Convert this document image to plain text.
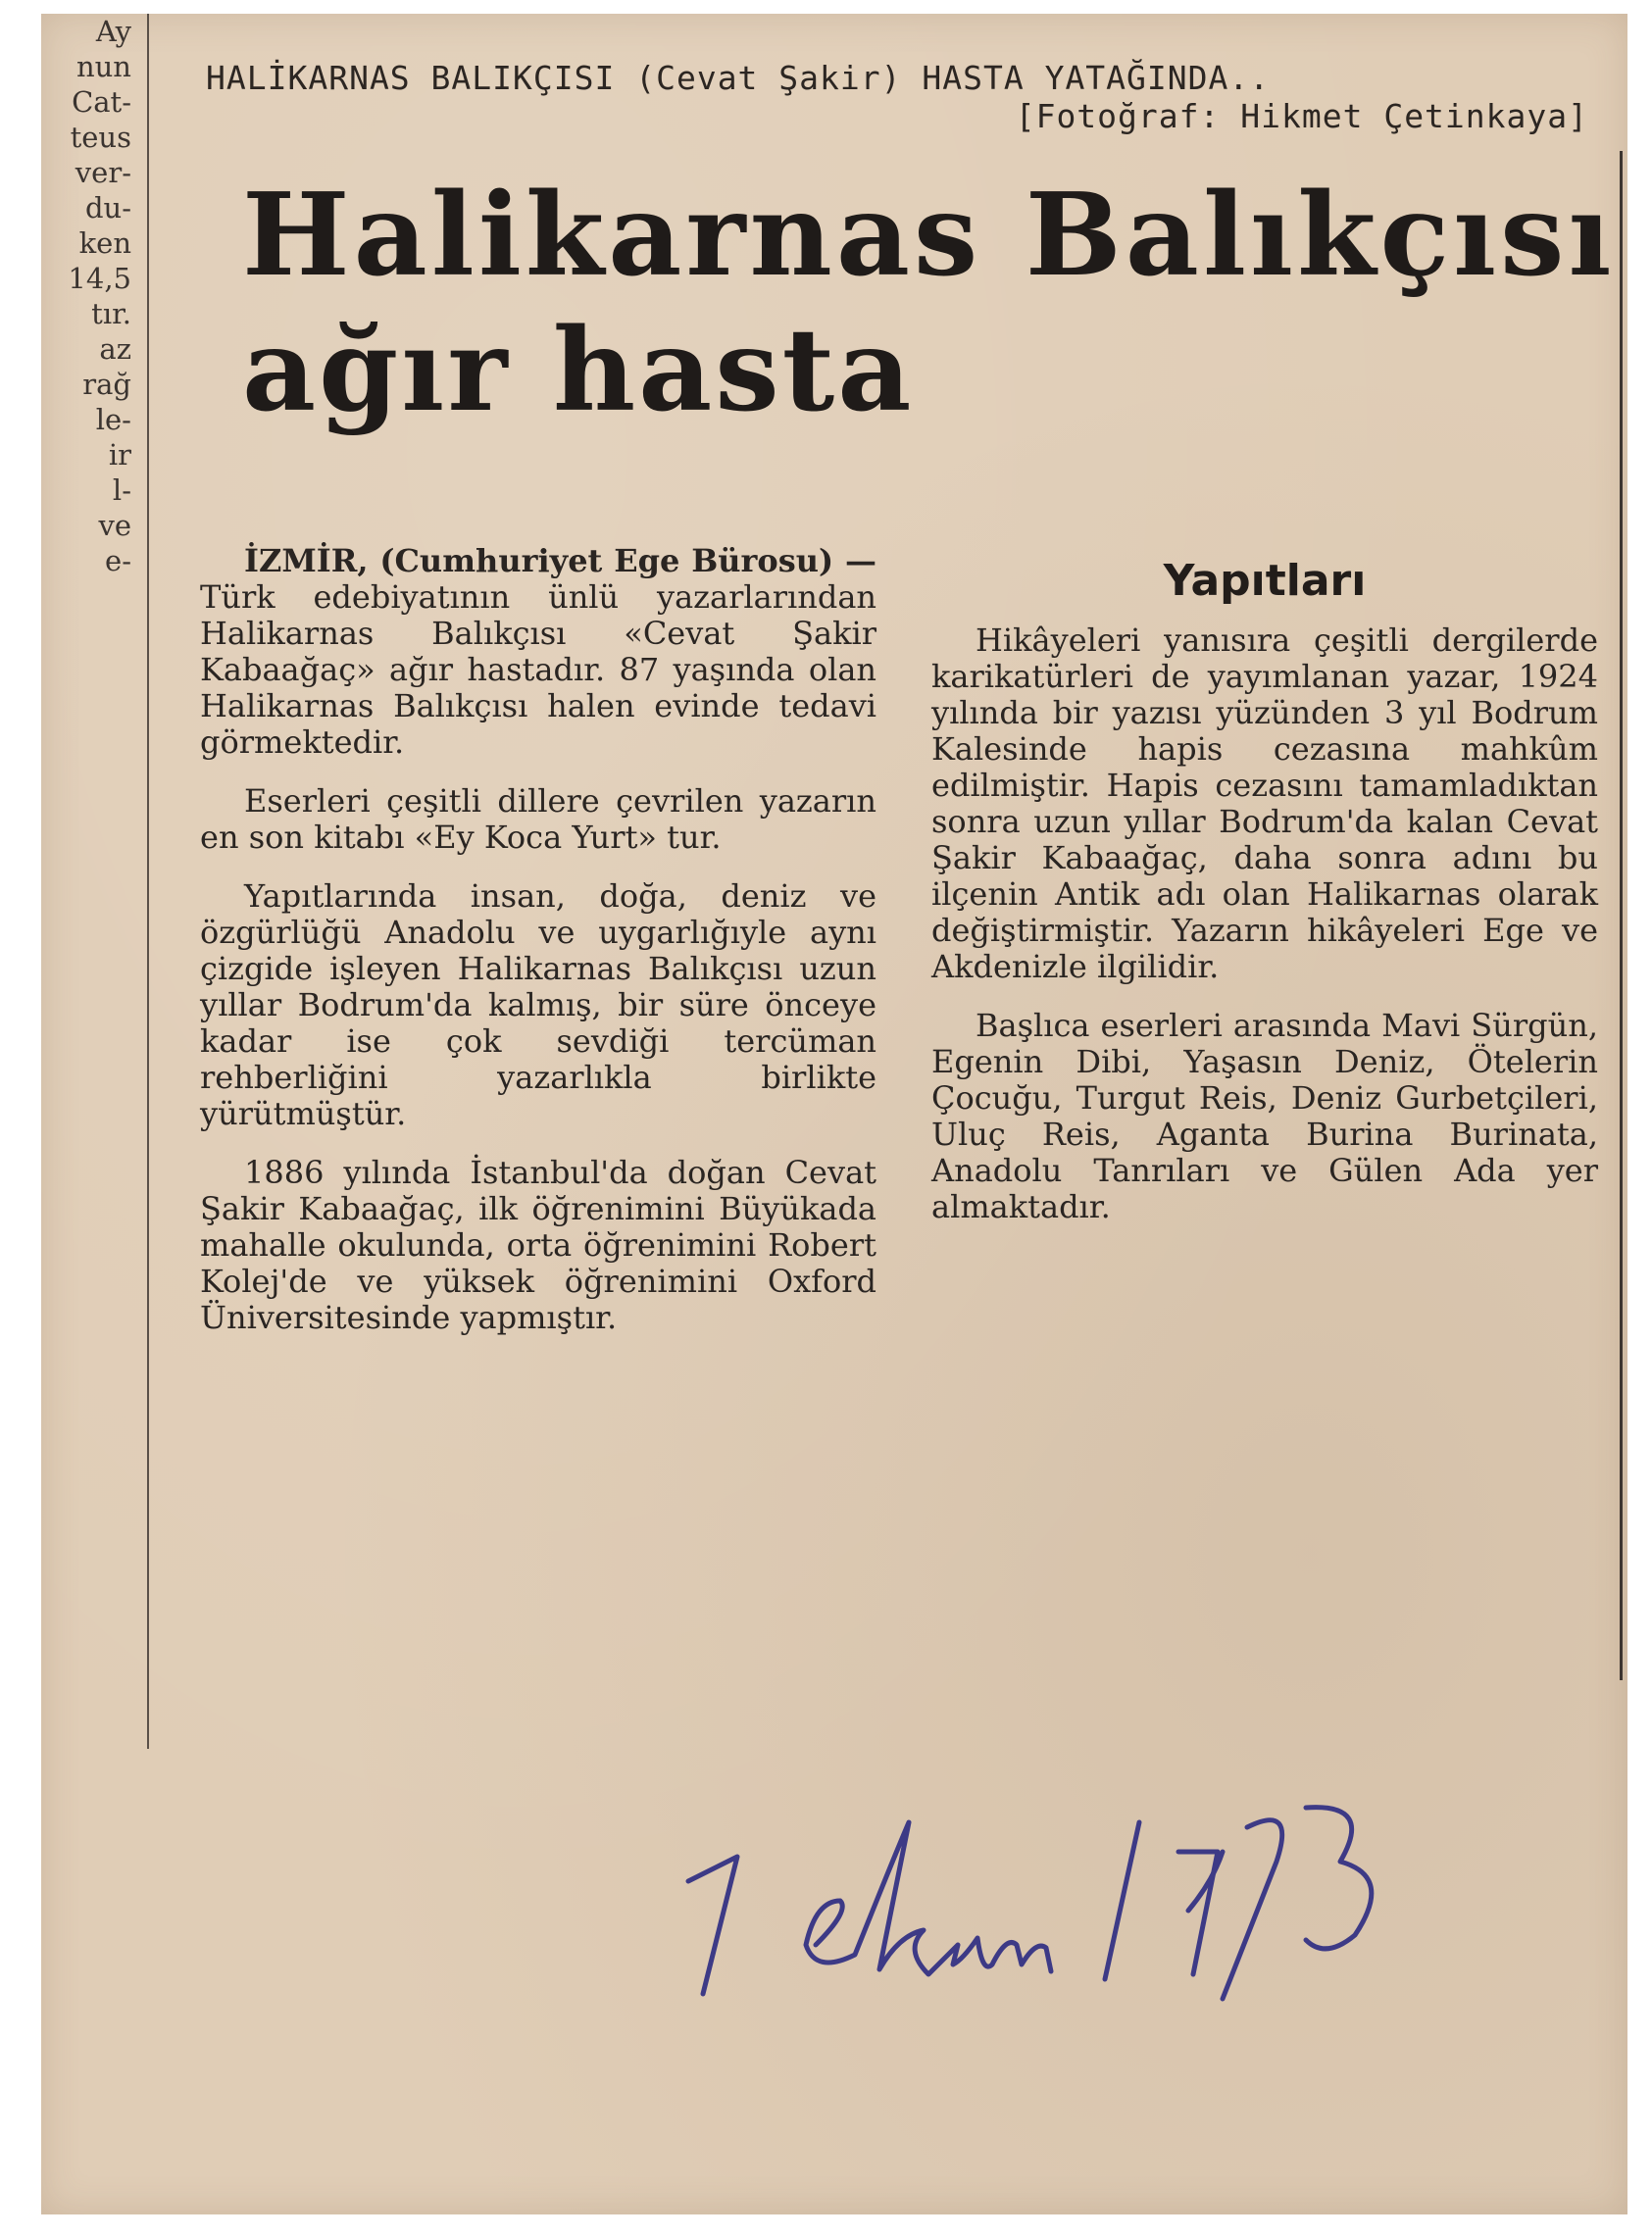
Ay
nun
Cat-
teus
ver-
du-
ken
14,5
tır.
az
rağ
le-
ir
l-
ve
e-
HALİKARNAS BALIKÇISI (Cevat Şakir) HASTA YATAĞINDA..
[Fotoğraf: Hikmet Çetinkaya]
Halikarnas Balıkçısı
ağır hasta

İZMİR, (Cumhuriyet Ege Bürosu) — Türk edebiyatının ünlü yazarlarından Halikarnas Balıkçısı «Cevat Şakir Kabaağaç» ağır hastadır. 87 yaşında olan Halikarnas Balıkçısı halen evinde tedavi görmektedir.

Eserleri çeşitli dillere çevrilen yazarın en son kitabı «Ey Koca Yurt» tur.

Yapıtlarında insan, doğa, deniz ve özgürlüğü Anadolu ve uygarlığıyle aynı çizgide işleyen Halikarnas Balıkçısı uzun yıllar Bodrum'da kalmış, bir süre önceye kadar ise çok sevdiği tercüman rehberliğini yazarlıkla birlikte yürütmüştür.

1886 yılında İstanbul'da doğan Cevat Şakir Kabaağaç, ilk öğrenimini Büyükada mahalle okulunda, orta öğrenimini Robert Kolej'de ve yüksek öğrenimini Oxford Üniversitesinde yapmıştır.

Yapıtları

Hikâyeleri yanısıra çeşitli dergilerde karikatürleri de yayımlanan yazar, 1924 yılında bir yazısı yüzünden 3 yıl Bodrum Kalesinde hapis cezasına mahkûm edilmiştir. Hapis cezasını tamamladıktan sonra uzun yıllar Bodrum'da kalan Cevat Şakir Kabaağaç, daha sonra adını bu ilçenin Antik adı olan Halikarnas olarak değiştirmiştir. Yazarın hikâyeleri Ege ve Akdenizle ilgilidir.

Başlıca eserleri arasında Mavi Sürgün, Egenin Dibi, Yaşasın Deniz, Ötelerin Çocuğu, Turgut Reis, Deniz Gurbetçileri, Uluç Reis, Aganta Burina Burinata, Anadolu Tanrıları ve Gülen Ada yer almaktadır.
